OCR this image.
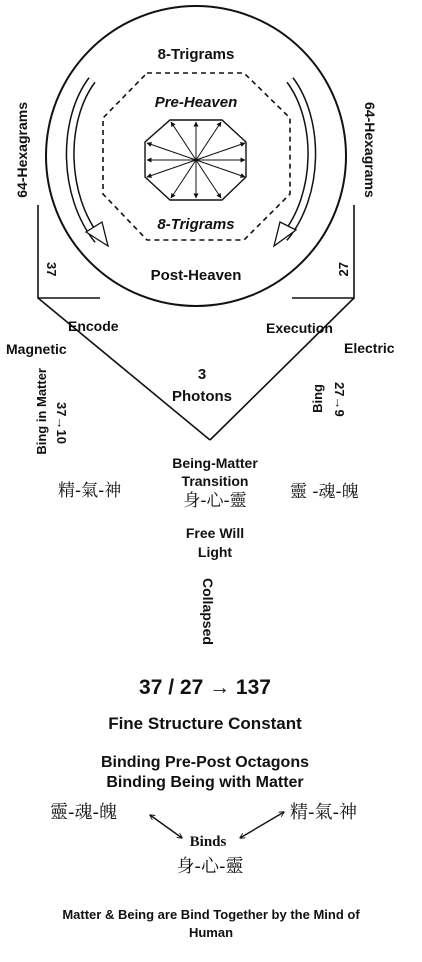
8-Trigrams
Pre-Heaven
8-Trigrams
Post-Heaven
64-Hexagrams	64-Hexagrams
37	27
Encode	Execution
Magnetic	Electric
3
Photons
37→10
Bing in Matter	27→9
Bing
Being-Matter
Transition
身-心-靈
Free Will
Light
精-氣-神	靈 -魂-魄
Collapsed
37 / 27 → 137
Fine Structure Constant
Binding Pre-Post Octagons
Binding Being with Matter
靈-魂-魄	精-氣-神
Binds
身-心-靈
Matter & Being are Bind Together by the Mind of
Human
